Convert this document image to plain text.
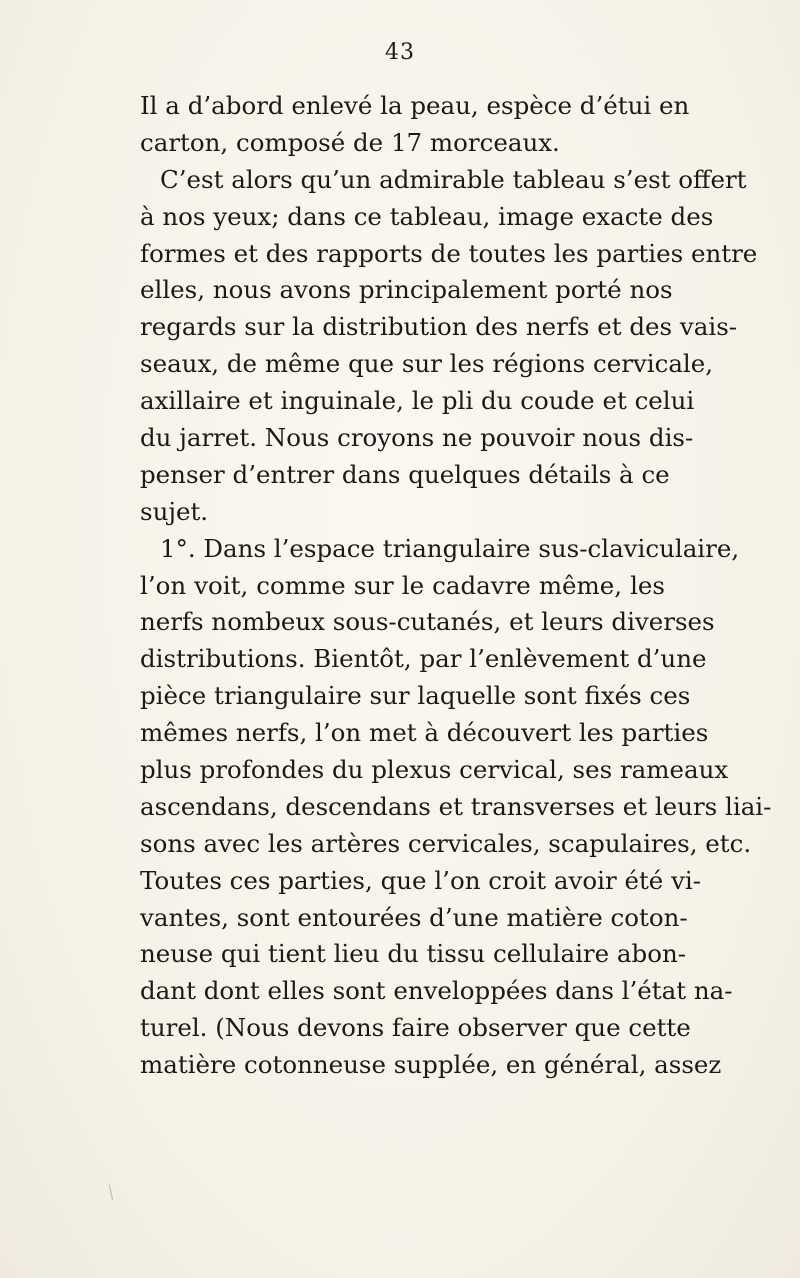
43
Il a d’abord enlevé la peau, espèce d’étui en
carton, composé de 17 morceaux.
C’est alors qu’un admirable tableau s’est offert
à nos yeux; dans ce tableau, image exacte des
formes et des rapports de toutes les parties entre
elles, nous avons principalement porté nos
regards sur la distribution des nerfs et des vais-
seaux, de même que sur les régions cervicale,
axillaire et inguinale, le pli du coude et celui
du jarret. Nous croyons ne pouvoir nous dis-
penser d’entrer dans quelques détails à ce
sujet.
1°. Dans l’espace triangulaire sus-claviculaire,
l’on voit, comme sur le cadavre même, les
nerfs nombeux sous-cutanés, et leurs diverses
distributions. Bientôt, par l’enlèvement d’une
pièce triangulaire sur laquelle sont fixés ces
mêmes nerfs, l’on met à découvert les parties
plus profondes du plexus cervical, ses rameaux
ascendans, descendans et transverses et leurs liai-
sons avec les artères cervicales, scapulaires, etc.
Toutes ces parties, que l’on croit avoir été vi-
vantes, sont entourées d’une matière coton-
neuse qui tient lieu du tissu cellulaire abon-
dant dont elles sont enveloppées dans l’état na-
turel. (Nous devons faire observer que cette
matière cotonneuse supplée, en général, assez
/
